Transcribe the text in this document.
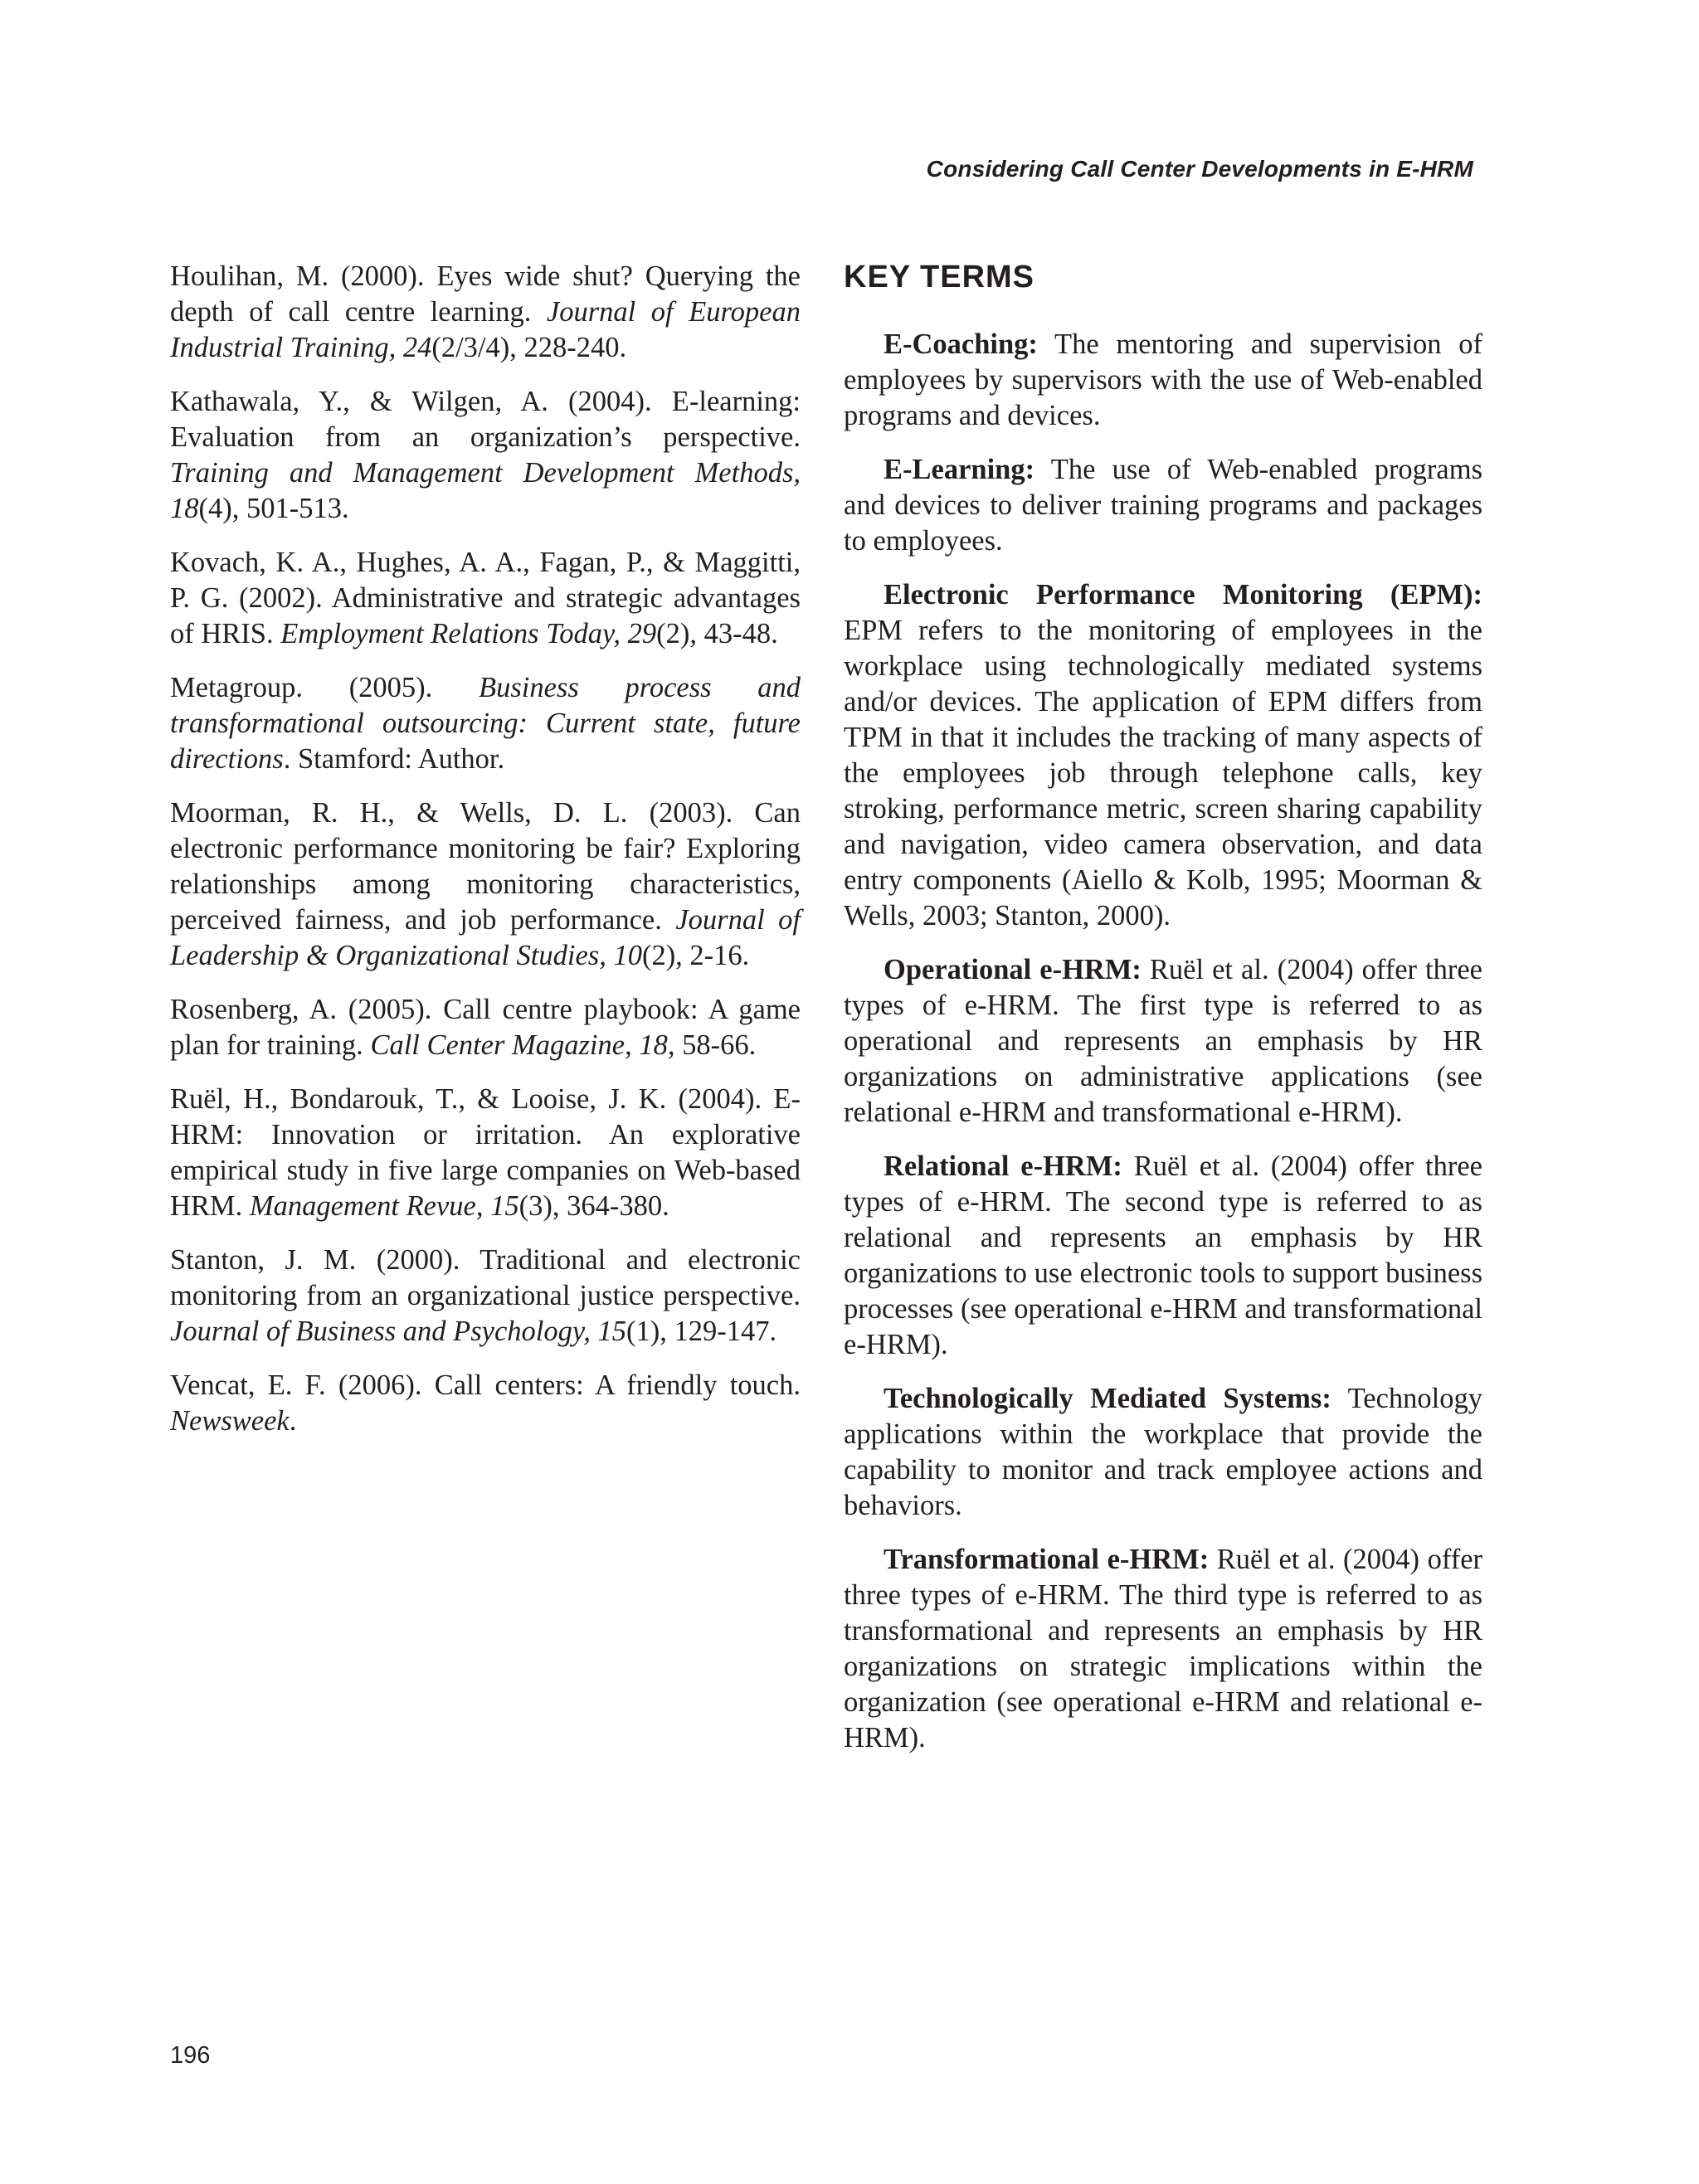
Considering Call Center Developments in E-HRM

Houlihan, M. (2000). Eyes wide shut? Querying the depth of call centre learning. Journal of European Industrial Training, 24(2/3/4), 228-240.

Kathawala, Y., & Wilgen, A. (2004). E-learning: Evaluation from an organization’s perspective. Training and Management Development Methods, 18(4), 501-513.

Kovach, K. A., Hughes, A. A., Fagan, P., & Maggitti, P. G. (2002). Administrative and strategic advantages of HRIS. Employment Relations Today, 29(2), 43-48.

Metagroup. (2005). Business process and transformational outsourcing: Current state, future directions. Stamford: Author.

Moorman, R. H., & Wells, D. L. (2003). Can electronic performance monitoring be fair? Exploring relationships among monitoring characteristics, perceived fairness, and job performance. Journal of Leadership & Organizational Studies, 10(2), 2-16.

Rosenberg, A. (2005). Call centre playbook: A game plan for training. Call Center Magazine, 18, 58-66.

Ruël, H., Bondarouk, T., & Looise, J. K. (2004). E-HRM: Innovation or irritation. An explorative empirical study in five large companies on Web-based HRM. Management Revue, 15(3), 364-380.

Stanton, J. M. (2000). Traditional and electronic monitoring from an organizational justice perspective. Journal of Business and Psychology, 15(1), 129-147.

Vencat, E. F. (2006). Call centers: A friendly touch. Newsweek.

KEY TERMS

E-Coaching: The mentoring and supervision of employees by supervisors with the use of Web-enabled programs and devices.

E-Learning: The use of Web-enabled programs and devices to deliver training programs and packages to employees.

Electronic Performance Monitoring (EPM): EPM refers to the monitoring of employees in the workplace using technologically mediated systems and/or devices. The application of EPM differs from TPM in that it includes the tracking of many aspects of the employees job through telephone calls, key stroking, performance metric, screen sharing capability and navigation, video camera observation, and data entry components (Aiello & Kolb, 1995; Moorman & Wells, 2003; Stanton, 2000).

Operational e-HRM: Ruël et al. (2004) offer three types of e-HRM. The first type is referred to as operational and represents an emphasis by HR organizations on administrative applications (see relational e-HRM and transformational e-HRM).

Relational e-HRM: Ruël et al. (2004) offer three types of e-HRM. The second type is referred to as relational and represents an emphasis by HR organizations to use electronic tools to support business processes (see operational e-HRM and transformational e-HRM).

Technologically Mediated Systems: Technology applications within the workplace that provide the capability to monitor and track employee actions and behaviors.

Transformational e-HRM: Ruël et al. (2004) offer three types of e-HRM. The third type is referred to as transformational and represents an emphasis by HR organizations on strategic implications within the organization (see operational e-HRM and relational e-HRM).

196
